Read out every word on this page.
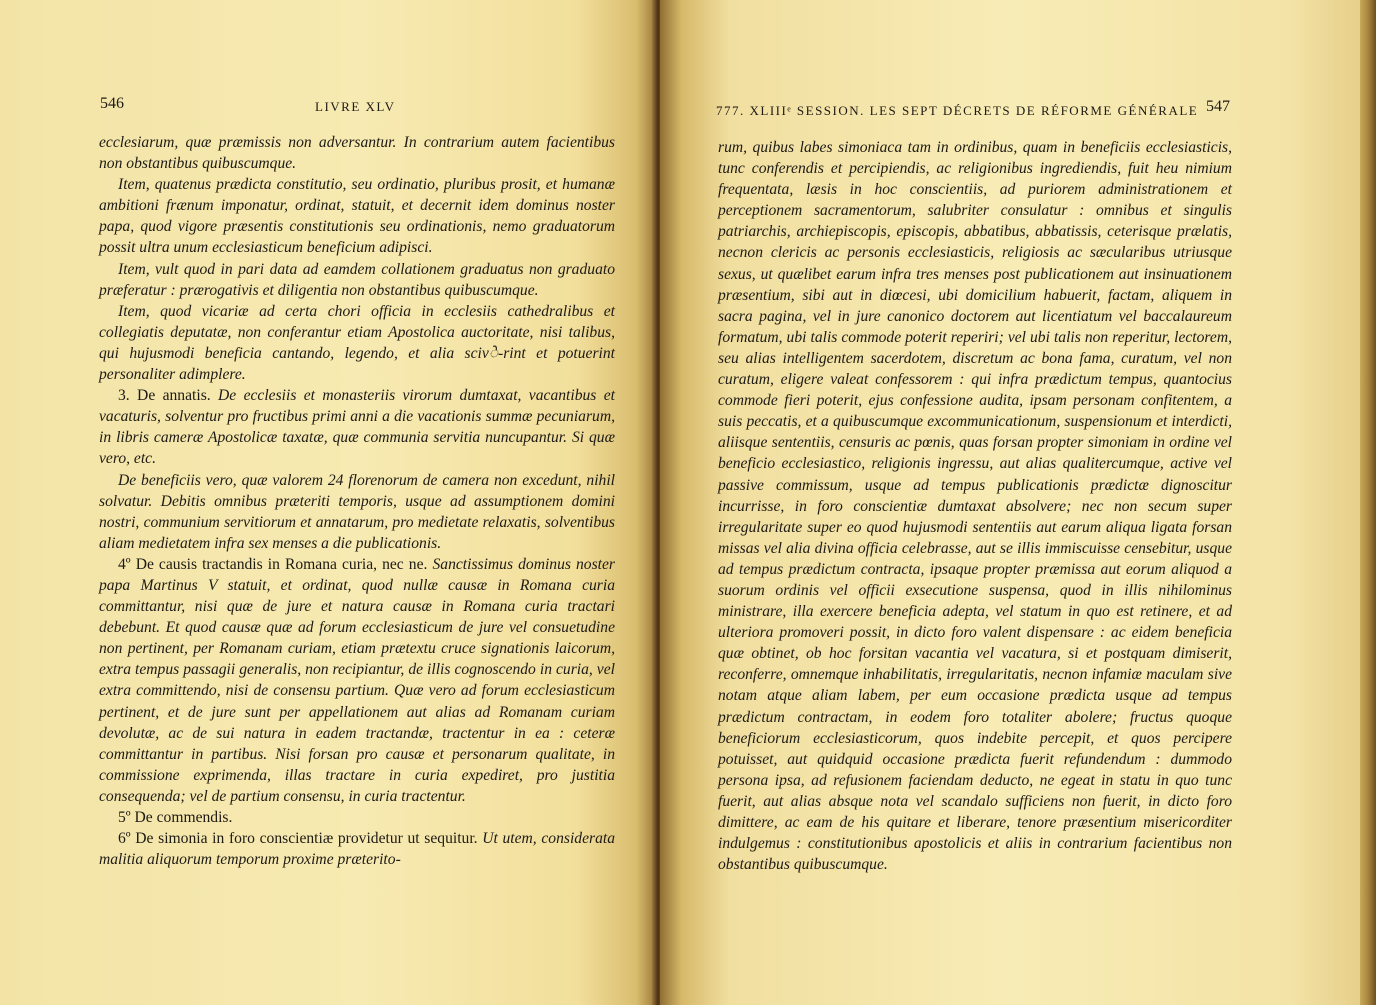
546	LIVRE XLV

ecclesiarum, quæ præmissis non adversantur. In contrarium autem facientibus non obstantibus quibuscumque.

Item, quatenus prædicta constitutio, seu ordinatio, pluribus prosit, et humanæ ambitioni frænum imponatur, ordinat, statuit, et decernit idem dominus noster papa, quod vigore præsentis constitutionis seu ordinationis, nemo graduatorum possit ultra unum ecclesiasticum beneficium adipisci.

Item, vult quod in pari data ad eamdem collationem graduatus non graduato præferatur : prærogativis et diligentia non obstantibus quibuscumque.

Item, quod vicariæ ad certa chori officia in ecclesiis cathedralibus et collegiatis deputatæ, non conferantur etiam Apostolica auctoritate, nisi talibus, qui hujusmodi beneficia cantando, legendo, et alia scivे-rint et potuerint personaliter adimplere.

3. De annatis. De ecclesiis et monasteriis virorum dumtaxat, vacantibus et vacaturis, solventur pro fructibus primi anni a die vacationis summæ pecuniarum, in libris cameræ Apostolicæ taxatæ, quæ communia servitia nuncupantur. Si quæ vero, etc.

De beneficiis vero, quæ valorem 24 florenorum de camera non excedunt, nihil solvatur. Debitis omnibus præteriti temporis, usque ad assumptionem domini nostri, communium servitiorum et annatarum, pro medietate relaxatis, solventibus aliam medietatem infra sex menses a die publicationis.

4º De causis tractandis in Romana curia, nec ne. Sanctissimus dominus noster papa Martinus V statuit, et ordinat, quod nullæ causæ in Romana curia committantur, nisi quæ de jure et natura causæ in Romana curia tractari debebunt. Et quod causæ quæ ad forum ecclesiasticum de jure vel consuetudine non pertinent, per Romanam curiam, etiam prætextu cruce signationis laicorum, extra tempus passagii generalis, non recipiantur, de illis cognoscendo in curia, vel extra committendo, nisi de consensu partium. Quæ vero ad forum ecclesiasticum pertinent, et de jure sunt per appellationem aut alias ad Romanam curiam devolutæ, ac de sui natura in eadem tractandæ, tractentur in ea : ceteræ committantur in partibus. Nisi forsan pro causæ et personarum qualitate, in commissione exprimenda, illas tractare in curia expediret, pro justitia consequenda; vel de partium consensu, in curia tractentur.

5º De commendis.

6º De simonia in foro conscientiæ providetur ut sequitur. Ut utem, considerata malitia aliquorum temporum proxime præterito-

777. XLIIIᵉ SESSION. LES SEPT DÉCRETS DE RÉFORME GÉNÉRALE 547

rum, quibus labes simoniaca tam in ordinibus, quam in beneficiis ecclesiasticis, tunc conferendis et percipiendis, ac religionibus ingrediendis, fuit heu nimium frequentata, læsis in hoc conscientiis, ad puriorem administrationem et perceptionem sacramentorum, salubriter consulatur : omnibus et singulis patriarchis, archiepiscopis, episcopis, abbatibus, abbatissis, ceterisque prælatis, necnon clericis ac personis ecclesiasticis, religiosis ac sæcularibus utriusque sexus, ut quælibet earum infra tres menses post publicationem aut insinuationem præsentium, sibi aut in diœcesi, ubi domicilium habuerit, factam, aliquem in sacra pagina, vel in jure canonico doctorem aut licentiatum vel baccalaureum formatum, ubi talis commode poterit reperiri; vel ubi talis non reperitur, lectorem, seu alias intelligentem sacerdotem, discretum ac bona fama, curatum, vel non curatum, eligere valeat confessorem : qui infra prædictum tempus, quantocius commode fieri poterit, ejus confessione audita, ipsam personam confitentem, a suis peccatis, et a quibuscumque excommunicationum, suspensionum et interdicti, aliisque sententiis, censuris ac pœnis, quas forsan propter simoniam in ordine vel beneficio ecclesiastico, religionis ingressu, aut alias qualitercumque, active vel passive commissum, usque ad tempus publicationis prædictæ dignoscitur incurrisse, in foro conscientiæ dumtaxat absolvere; nec non secum super irregularitate super eo quod hujusmodi sententiis aut earum aliqua ligata forsan missas vel alia divina officia celebrasse, aut se illis immiscuisse censebitur, usque ad tempus prædictum contracta, ipsaque propter præmissa aut eorum aliquod a suorum ordinis vel officii exsecutione suspensa, quod in illis nihilominus ministrare, illa exercere beneficia adepta, vel statum in quo est retinere, et ad ulteriora promoveri possit, in dicto foro valent dispensare : ac eidem beneficia quæ obtinet, ob hoc forsitan vacantia vel vacatura, si et postquam dimiserit, reconferre, omnemque inhabilitatis, irregularitatis, necnon infamiæ maculam sive notam atque aliam labem, per eum occasione prædicta usque ad tempus prædictum contractam, in eodem foro totaliter abolere; fructus quoque beneficiorum ecclesiasticorum, quos indebite percepit, et quos percipere potuisset, aut quidquid occasione prædicta fuerit refundendum : dummodo persona ipsa, ad refusionem faciendam deducto, ne egeat in statu in quo tunc fuerit, aut alias absque nota vel scandalo sufficiens non fuerit, in dicto foro dimittere, ac eam de his quitare et liberare, tenore præsentium misericorditer indulgemus : constitutionibus apostolicis et aliis in contrarium facientibus non obstantibus quibuscumque.
